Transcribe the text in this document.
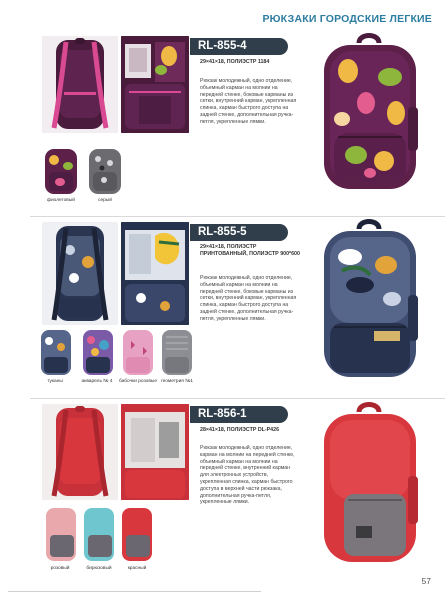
РЮКЗАКИ ГОРОДСКИЕ ЛЕГКИЕ
RL-855-4
29×41×18, ПОЛИЭСТР 1184
Рюкзак молодежный, одно отделение, объемный карман на молнии на передней стенке, боковые карманы из сетки, внутренний карман, укрепленная спинка, карман быстрого доступа на задней стенке, дополнительная ручка-петля, укрепленные лямки.
фиолетовый	серый
RL-855-5
29×41×18, ПОЛИЭСТР ПРИНТОВАННЫЙ, ПОЛИЭСТР 900*600
Рюкзак молодежный, одно отделение, объемный карман на молнии на передней стенке, боковые карманы из сетки, внутренний карман, укрепленная спинка, карман быстрого доступа на задней стенке, дополнительная ручка-петля, укрепленные лямки.
туканы	акварель № 4	бабочки розовые геометрия №1
RL-856-1
28×41×18, ПОЛИЭСТР DL-P426
Рюкзак молодежный, одно отделение, карман на молнии на передней стенке, объемный карман на молнии на передней стенке, внутренний карман для электронных устройств, укрепленная спинка, карман быстрого доступа в верхней части рюкзака, дополнительная ручка-петля, укрепленные лямки.
розовый	бирюзовый	красный
57
